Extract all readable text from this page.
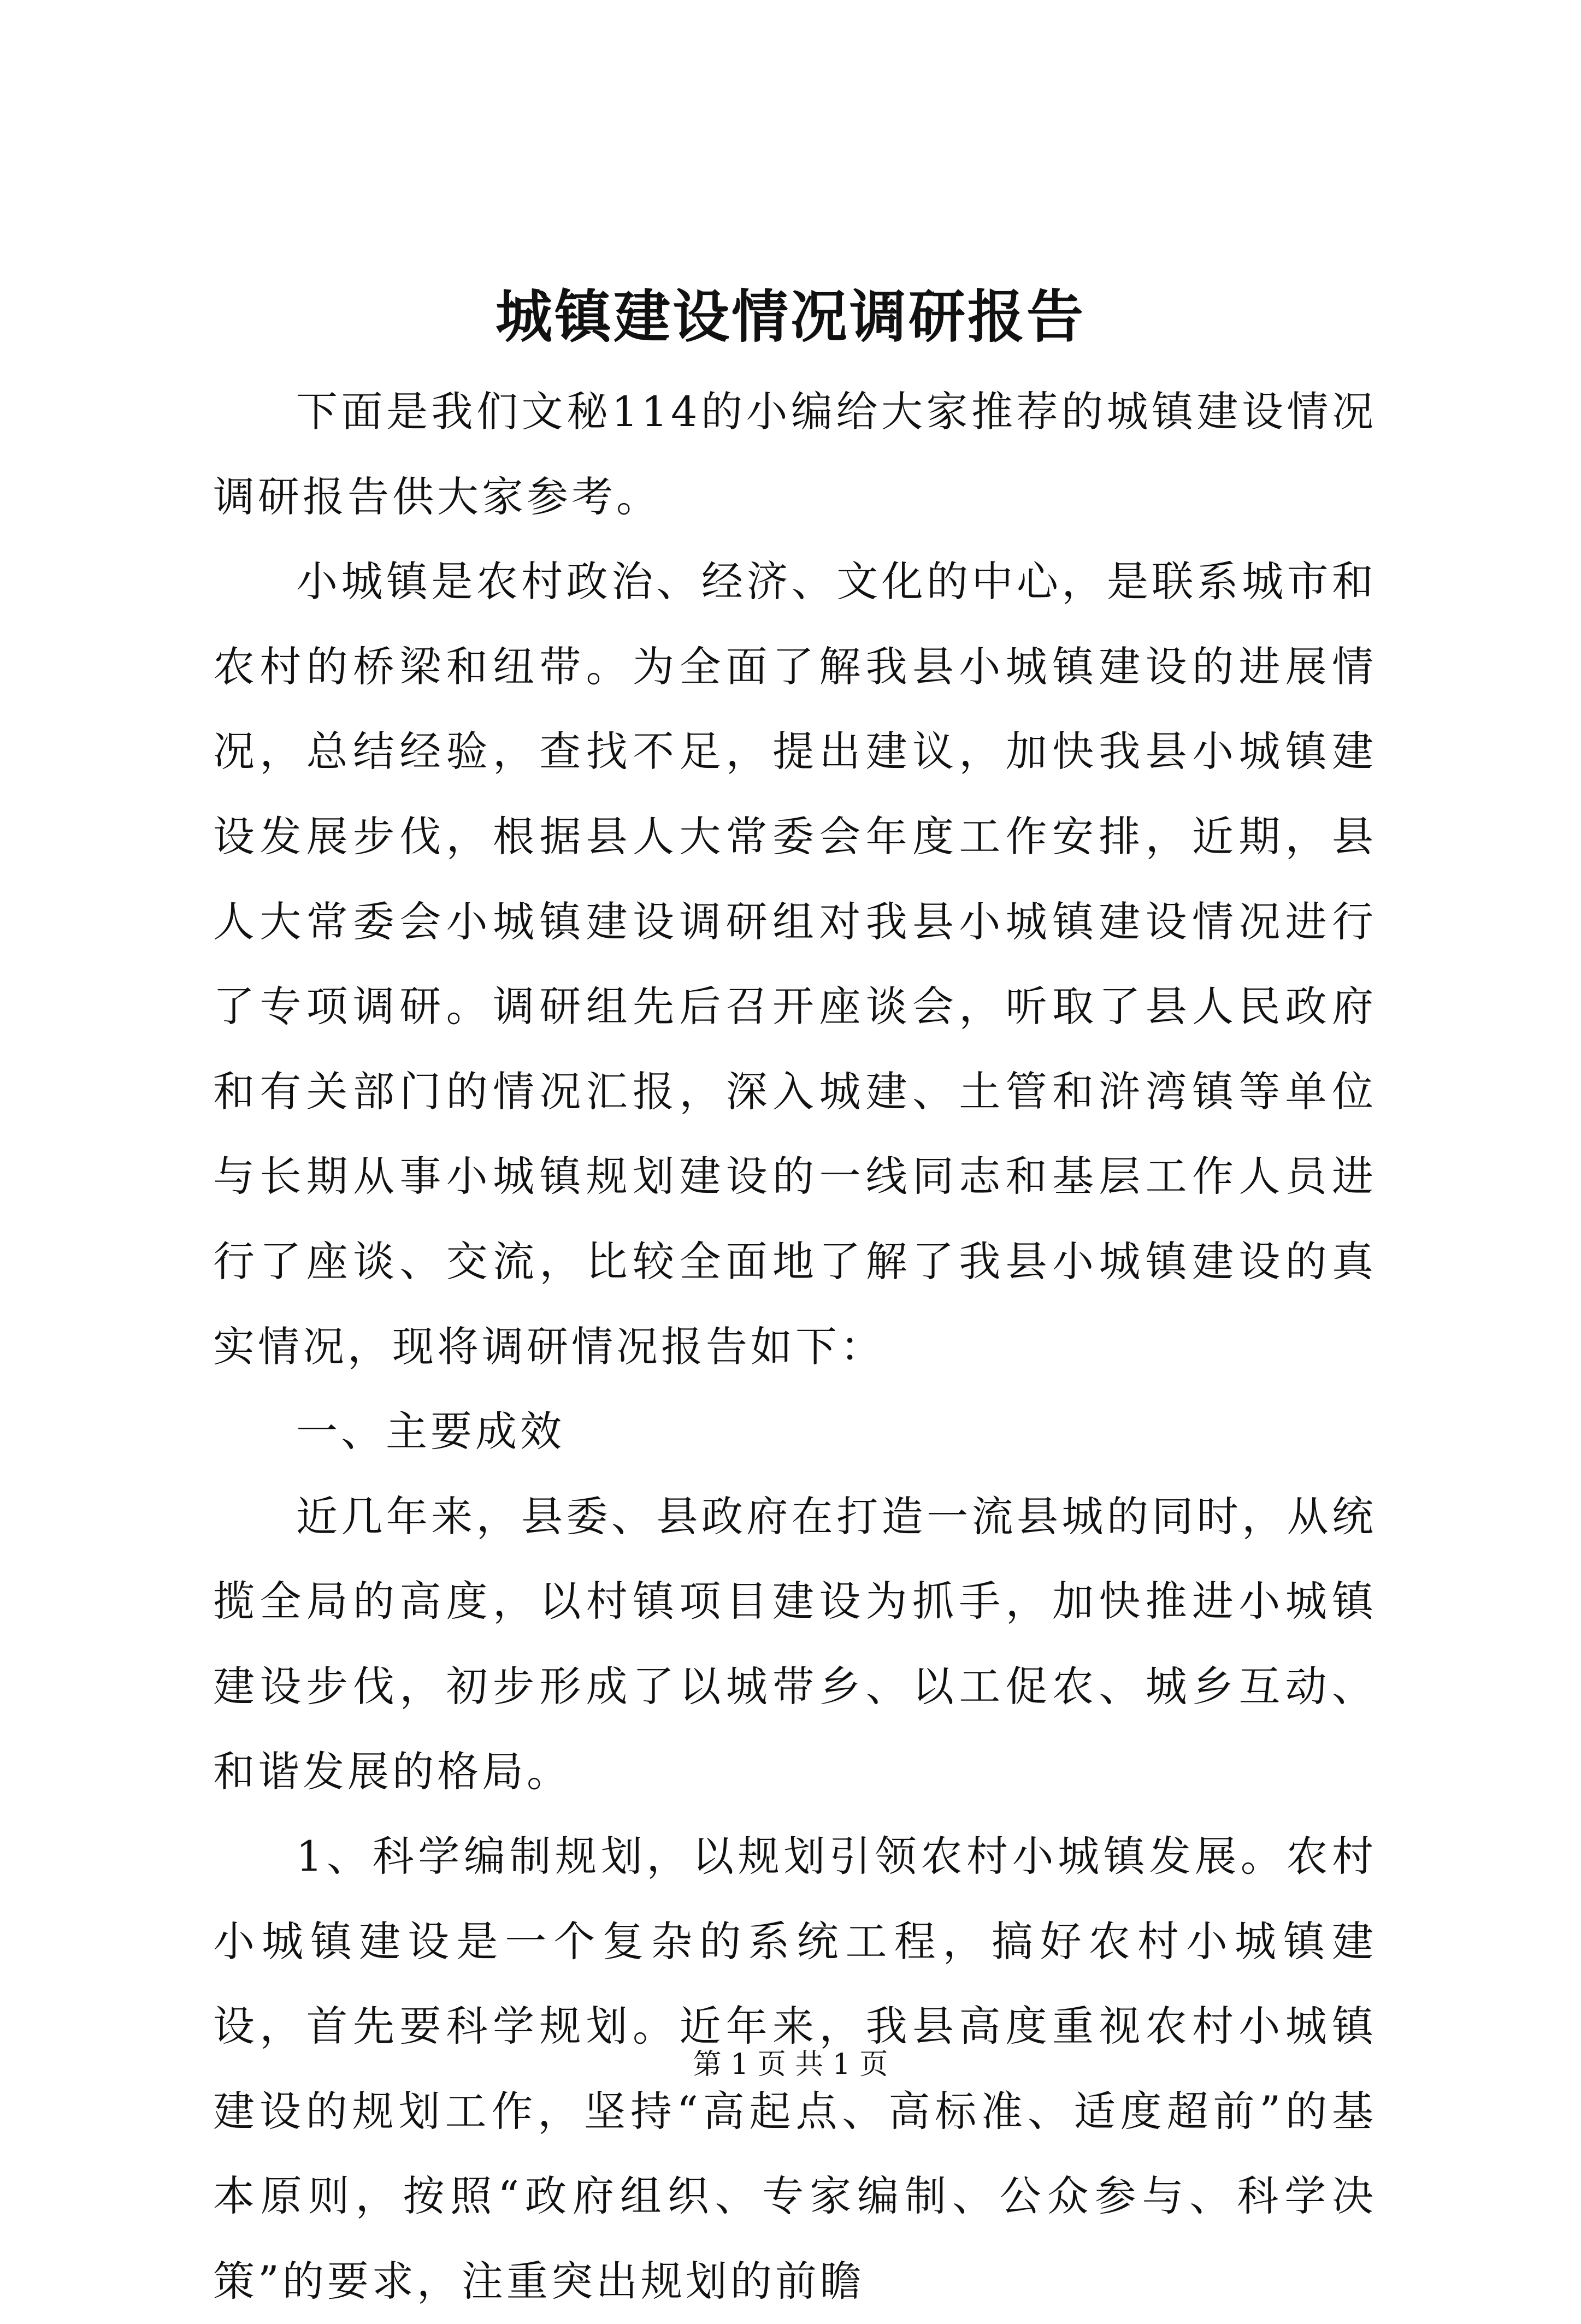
城镇建设情况调研报告

下面是我们文秘114的小编给大家推荐的城镇建设情况调研报告供大家参考。

小城镇是农村政治、经济、文化的中心，是联系城市和农村的桥梁和纽带。为全面了解我县小城镇建设的进展情况，总结经验，查找不足，提出建议，加快我县小城镇建设发展步伐，根据县人大常委会年度工作安排，近期，县人大常委会小城镇建设调研组对我县小城镇建设情况进行了专项调研。调研组先后召开座谈会，听取了县人民政府和有关部门的情况汇报，深入城建、土管和浒湾镇等单位与长期从事小城镇规划建设的一线同志和基层工作人员进行了座谈、交流，比较全面地了解了我县小城镇建设的真实情况，现将调研情况报告如下：

一、主要成效

近几年来，县委、县政府在打造一流县城的同时，从统揽全局的高度，以村镇项目建设为抓手，加快推进小城镇建设步伐，初步形成了以城带乡、以工促农、城乡互动、和谐发展的格局。

1、科学编制规划，以规划引领农村小城镇发展。农村小城镇建设是一个复杂的系统工程，搞好农村小城镇建设，首先要科学规划。近年来，我县高度重视农村小城镇建设的规划工作，坚持“高起点、高标准、适度超前”的基本原则，按照“政府组织、专家编制、公众参与、科学决策”的要求，注重突出规划的前瞻

第 1 页 共 1 页
